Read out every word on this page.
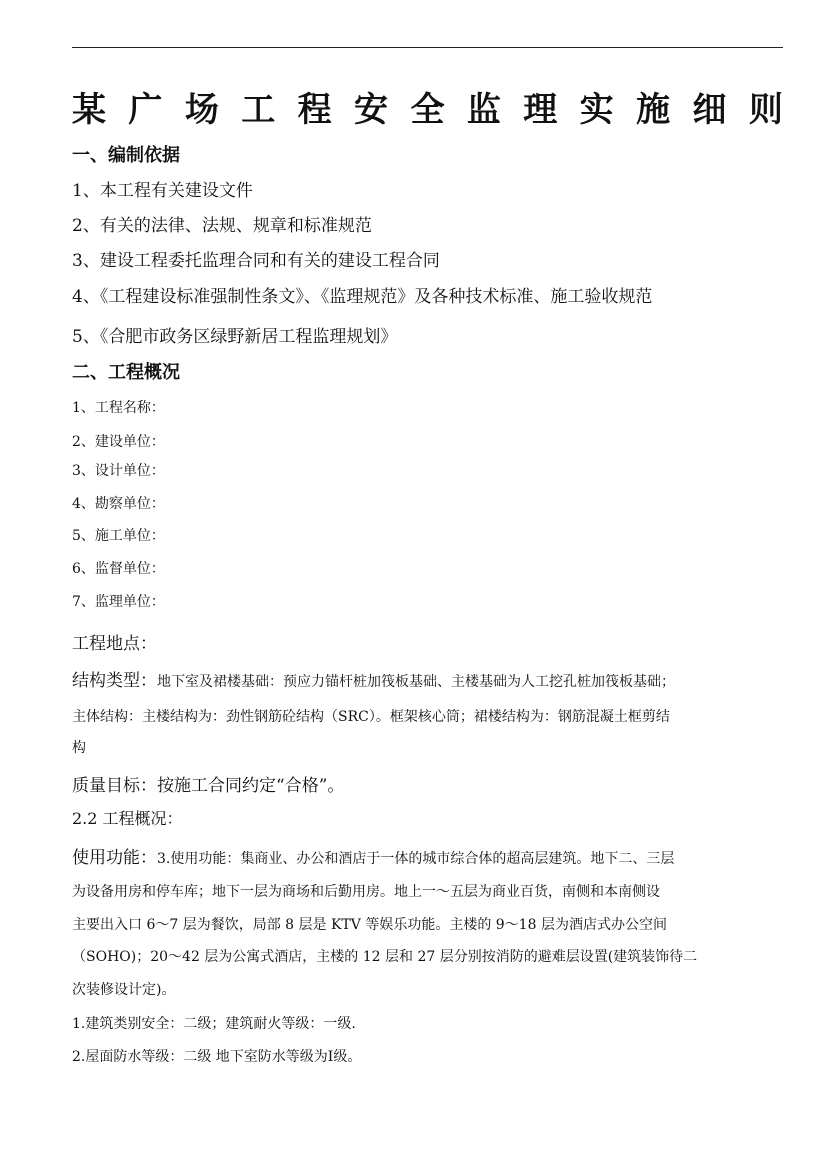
某 广 场 工 程 安 全 监 理 实 施 细 则
一、编制依据
1、本工程有关建设文件
2、有关的法律、法规、规章和标准规范
3、建设工程委托监理合同和有关的建设工程合同
4、《工程建设标准强制性条文》、《监理规范》及各种技术标准、施工验收规范
5、《合肥市政务区绿野新居工程监理规划》
二、工程概况
1、工程名称：
2、建设单位：
3、设计单位：
4、勘察单位：
5、施工单位：
6、监督单位：
7、监理单位：
工程地点：
结构类型：地下室及裙楼基础：预应力锚杆桩加筏板基础、主楼基础为人工挖孔桩加筏板基础；
主体结构：主楼结构为：劲性钢筋砼结构（SRC）。框架核心筒；裙楼结构为：钢筋混凝土框剪结
构
质量目标：按施工合同约定“合格”。
2.2 工程概况：
使用功能：3.使用功能：集商业、办公和酒店于一体的城市综合体的超高层建筑。地下二、三层
为设备用房和停车库；地下一层为商场和后勤用房。地上一～五层为商业百货，南侧和本南侧设
主要出入口 6～7 层为餐饮，局部 8 层是 KTV 等娱乐功能。主楼的 9～18 层为酒店式办公空间
（SOHO)；20～42 层为公寓式酒店，主楼的 12 层和 27 层分别按消防的避难层设置(建筑装饰待二
次装修设计定)。
1.建筑类别安全：二级；建筑耐火等级：一级.
2.屋面防水等级：二级 地下室防水等级为Ⅰ级。
